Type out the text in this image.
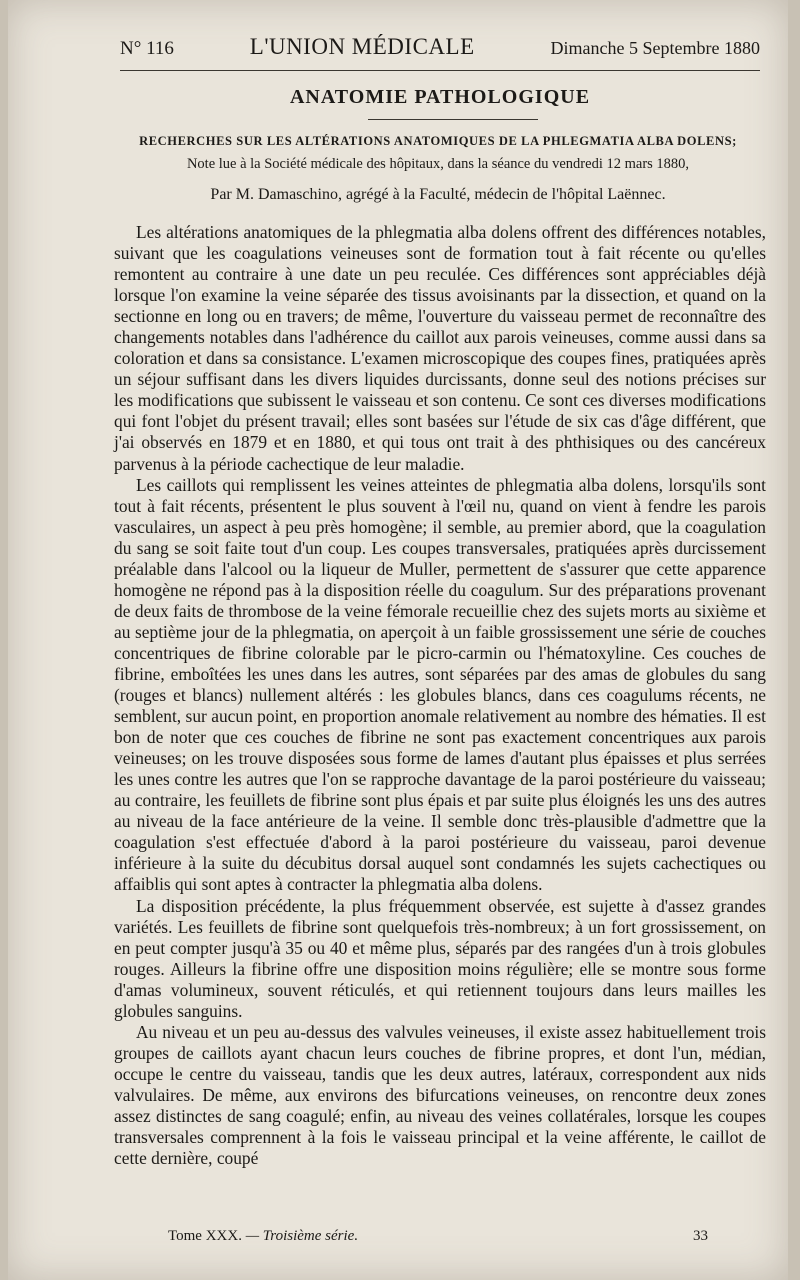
N° 116	L'UNION MÉDICALE	Dimanche 5 Septembre 1880
ANATOMIE PATHOLOGIQUE
RECHERCHES SUR LES ALTÉRATIONS ANATOMIQUES DE LA PHLEGMATIA ALBA DOLENS;
Note lue à la Société médicale des hôpitaux, dans la séance du vendredi 12 mars 1880,
Par M. Damaschino, agrégé à la Faculté, médecin de l'hôpital Laënnec.

Les altérations anatomiques de la phlegmatia alba dolens offrent des différences notables, suivant que les coagulations veineuses sont de formation tout à fait récente ou qu'elles remontent au contraire à une date un peu reculée. Ces différences sont appréciables déjà lorsque l'on examine la veine séparée des tissus avoisinants par la dissection, et quand on la sectionne en long ou en travers; de même, l'ouverture du vaisseau permet de reconnaître des changements notables dans l'adhérence du caillot aux parois veineuses, comme aussi dans sa coloration et dans sa consistance. L'examen microscopique des coupes fines, pratiquées après un séjour suffisant dans les divers liquides durcissants, donne seul des notions précises sur les modifications que subissent le vaisseau et son contenu. Ce sont ces diverses modifications qui font l'objet du présent travail; elles sont basées sur l'étude de six cas d'âge différent, que j'ai observés en 1879 et en 1880, et qui tous ont trait à des phthisiques ou des cancéreux parvenus à la période cachectique de leur maladie.

Les caillots qui remplissent les veines atteintes de phlegmatia alba dolens, lorsqu'ils sont tout à fait récents, présentent le plus souvent à l'œil nu, quand on vient à fendre les parois vasculaires, un aspect à peu près homogène; il semble, au premier abord, que la coagulation du sang se soit faite tout d'un coup. Les coupes transversales, pratiquées après durcissement préalable dans l'alcool ou la liqueur de Muller, permettent de s'assurer que cette apparence homogène ne répond pas à la disposition réelle du coagulum. Sur des préparations provenant de deux faits de thrombose de la veine fémorale recueillie chez des sujets morts au sixième et au septième jour de la phlegmatia, on aperçoit à un faible grossissement une série de couches concentriques de fibrine colorable par le picro-carmin ou l'hématoxyline. Ces couches de fibrine, emboîtées les unes dans les autres, sont séparées par des amas de globules du sang (rouges et blancs) nullement altérés : les globules blancs, dans ces coagulums récents, ne semblent, sur aucun point, en proportion anomale relativement au nombre des hématies. Il est bon de noter que ces couches de fibrine ne sont pas exactement concentriques aux parois veineuses; on les trouve disposées sous forme de lames d'autant plus épaisses et plus serrées les unes contre les autres que l'on se rapproche davantage de la paroi postérieure du vaisseau; au contraire, les feuillets de fibrine sont plus épais et par suite plus éloignés les uns des autres au niveau de la face antérieure de la veine. Il semble donc très-plausible d'admettre que la coagulation s'est effectuée d'abord à la paroi postérieure du vaisseau, paroi devenue inférieure à la suite du décubitus dorsal auquel sont condamnés les sujets cachectiques ou affaiblis qui sont aptes à contracter la phlegmatia alba dolens.

La disposition précédente, la plus fréquemment observée, est sujette à d'assez grandes variétés. Les feuillets de fibrine sont quelquefois très-nombreux; à un fort grossissement, on en peut compter jusqu'à 35 ou 40 et même plus, séparés par des rangées d'un à trois globules rouges. Ailleurs la fibrine offre une disposition moins régulière; elle se montre sous forme d'amas volumineux, souvent réticulés, et qui retiennent toujours dans leurs mailles les globules sanguins.

Au niveau et un peu au-dessus des valvules veineuses, il existe assez habituellement trois groupes de caillots ayant chacun leurs couches de fibrine propres, et dont l'un, médian, occupe le centre du vaisseau, tandis que les deux autres, latéraux, correspondent aux nids valvulaires. De même, aux environs des bifurcations veineuses, on rencontre deux zones assez distinctes de sang coagulé; enfin, au niveau des veines collatérales, lorsque les coupes transversales comprennent à la fois le vaisseau principal et la veine afférente, le caillot de cette dernière, coupé

Tome XXX. — Troisième série.	33
